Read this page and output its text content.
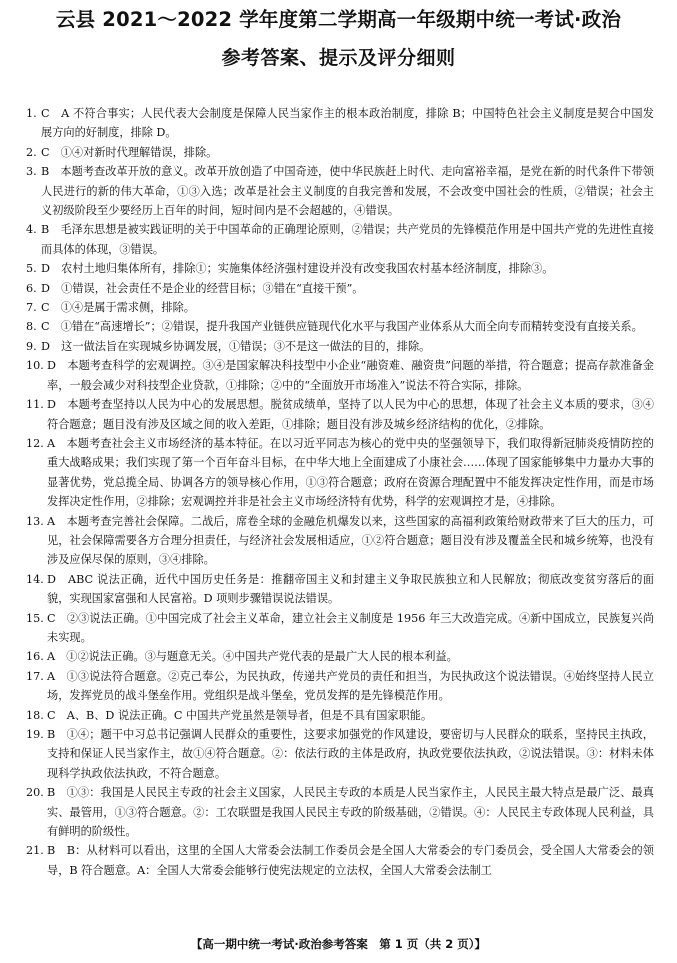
云县 2021～2022 学年度第二学期高一年级期中统一考试·政治
参考答案、提示及评分细则
1. C　A 不符合事实；人民代表大会制度是保障人民当家作主的根本政治制度，排除 B；中国特色社会主义制度是契合中国发展方向的好制度，排除 D。
2. C　①④对新时代理解错误，排除。
3. B　本题考查改革开放的意义。改革开放创造了中国奇迹，使中华民族赶上时代、走向富裕幸福，是党在新的时代条件下带领人民进行的新的伟大革命，①③入选；改革是社会主义制度的自我完善和发展，不会改变中国社会的性质，②错误；社会主义初级阶段至少要经历上百年的时间，短时间内是不会超越的，④错误。
4. B　毛泽东思想是被实践证明的关于中国革命的正确理论原则，②错误；共产党员的先锋模范作用是中国共产党的先进性直接而具体的体现，③错误。
5. D　农村土地归集体所有，排除①；实施集体经济强村建设并没有改变我国农村基本经济制度，排除③。
6. D　①错误，社会责任不是企业的经营目标；③错在“直接干预”。
7. C　①④是属于需求侧，排除。
8. C　①错在“高速增长”；②错误，提升我国产业链供应链现代化水平与我国产业体系从大而全向专而精转变没有直接关系。
9. D　这一做法旨在实现城乡协调发展，①错误；③不是这一做法的目的，排除。
10. D　本题考查科学的宏观调控。③④是国家解决科技型中小企业“融资难、融资贵”问题的举措，符合题意；提高存款准备金率，一般会减少对科技型企业贷款，①排除；②中的“全面放开市场准入”说法不符合实际，排除。
11. D　本题考查坚持以人民为中心的发展思想。脱贫成绩单，坚持了以人民为中心的思想，体现了社会主义本质的要求，③④符合题意；题目没有涉及区域之间的收入差距，①排除；题目没有涉及城乡经济结构的优化，②排除。
12. A　本题考查社会主义市场经济的基本特征。在以习近平同志为核心的党中央的坚强领导下，我们取得新冠肺炎疫情防控的重大战略成果；我们实现了第一个百年奋斗目标，在中华大地上全面建成了小康社会……体现了国家能够集中力量办大事的显著优势，党总揽全局、协调各方的领导核心作用，①③符合题意；政府在资源合理配置中不能发挥决定性作用，而是市场发挥决定性作用，②排除；宏观调控并非是社会主义市场经济特有优势，科学的宏观调控才是，④排除。
13. A　本题考查完善社会保障。二战后，席卷全球的金融危机爆发以来，这些国家的高福利政策给财政带来了巨大的压力，可见，社会保障需要各方合理分担责任，与经济社会发展相适应，①②符合题意；题目没有涉及覆盖全民和城乡统筹，也没有涉及应保尽保的原则，③④排除。
14. D　ABC 说法正确，近代中国历史任务是：推翻帝国主义和封建主义争取民族独立和人民解放；彻底改变贫穷落后的面貌，实现国家富强和人民富裕。D 项则步骤错误说法错误。
15. C　②③说法正确。①中国完成了社会主义革命，建立社会主义制度是 1956 年三大改造完成。④新中国成立，民族复兴尚未实现。
16. A　①②说法正确。③与题意无关。④中国共产党代表的是最广大人民的根本利益。
17. A　①③说法符合题意。②克己奉公，为民执政，传递共产党员的责任和担当，为民执政这个说法错误。④始终坚持人民立场，发挥党员的战斗堡垒作用。党组织是战斗堡垒，党员发挥的是先锋模范作用。
18. C　A、B、D 说法正确。C 中国共产党虽然是领导者，但是不具有国家职能。
19. B　①④；题干中习总书记强调人民群众的重要性，这要求加强党的作风建设，要密切与人民群众的联系，坚持民主执政，支持和保证人民当家作主，故①④符合题意。②：依法行政的主体是政府，执政党要依法执政，②说法错误。③：材料未体现科学执政依法执政，不符合题意。
20. B　①③：我国是人民民主专政的社会主义国家，人民民主专政的本质是人民当家作主，人民民主最大特点是最广泛、最真实、最管用，①③符合题意。②：工农联盟是我国人民民主专政的阶级基础，②错误。④：人民民主专政体现人民利益，具有鲜明的阶级性。
21. B　B：从材料可以看出，这里的全国人大常委会法制工作委员会是全国人大常委会的专门委员会，受全国人大常委会的领导，B 符合题意。A：全国人大常委会能够行使宪法规定的立法权，全国人大常委会法制工
【高一期中统一考试·政治参考答案　第 1 页（共 2 页）】
